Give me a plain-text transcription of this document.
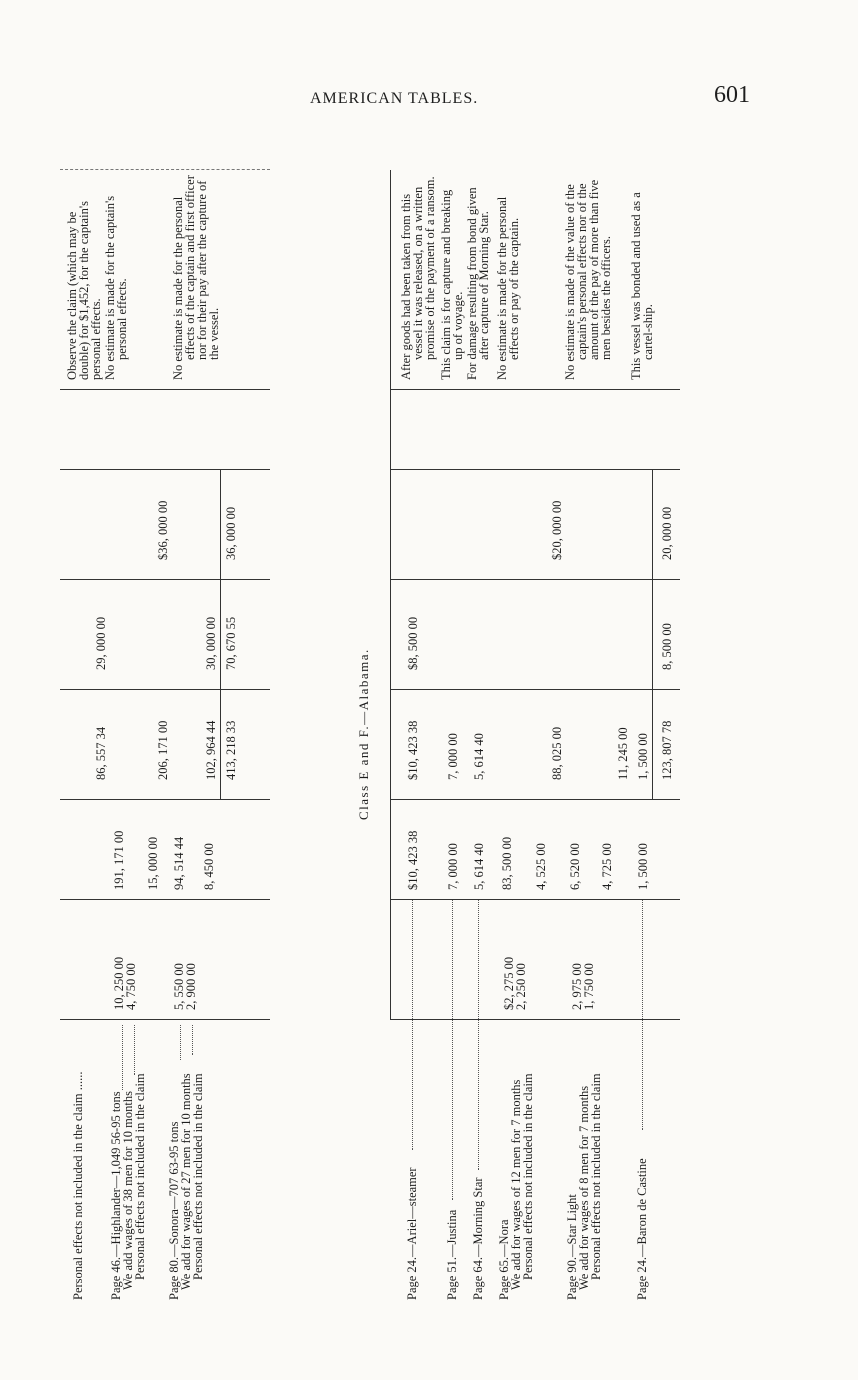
AMERICAN TABLES.	601
Personal effects not included in the claim ......
Observe the claim (which may be
double) for $1,452, for the captain's
personal effects.
Page 46.—Highlander—1,049 56-95 tons
We add wages of 38 men for 10 months
Personal effects not included in the claim
10, 250 00
4, 750 00
191, 171 00 15, 000 00
86, 557 34	206, 171 00
29, 000 00
$36, 000 00
No estimate is made for the captain's
personal effects.
Page 80.—Sonora—707 63-95 tons
We add for wages of 27 men for 10 months
Personal effects not included in the claim
5, 550 00
2, 900 00
94, 514 44 8, 450 00
102, 964 44
30, 000 00
No estimate is made for the personal
effects of the captain and first officer
nor for their pay after the capture of
the vessel.
413, 218 33
70, 670 55
36, 000 00
Class E and F.—Alabama.
Page 24.—Ariel—steamer
$10, 423 38
$10, 423 38
$8, 500 00
After goods had been taken from this
vessel it was released, on a written
promise of the payment of a ransom.
Page 51.—Justina
7, 000 00
7, 000 00
This claim is for capture and breaking
up of voyage.
Page 64.—Morning Star
5, 614 40
5, 614 40
For damage resulting from bond given
after capture of Morning Star.
Page 65.—Nora
We add for wages of 12 men for 7 months
Personal effects not included in the claim
$2, 275 00
2, 250 00
83, 500 00 4, 525 00
88, 025 00
$20, 000 00
No estimate is made for the personal
effects or pay of the captain.
Page 90.—Star Light
We add for wages of 8 men for 7 months
Personal effects not included in the claim
2, 975 00
1, 750 00
6, 520 00 4, 725 00
11, 245 00
No estimate is made of the value of the
captain's personal effects nor of the
amount of the pay of more than five
men besides the officers.
Page 24.—Baron de Castine
1, 500 00
1, 500 00
This vessel was bonded and used as a
cartel-ship.
123, 807 78
8, 500 00
20, 000 00
